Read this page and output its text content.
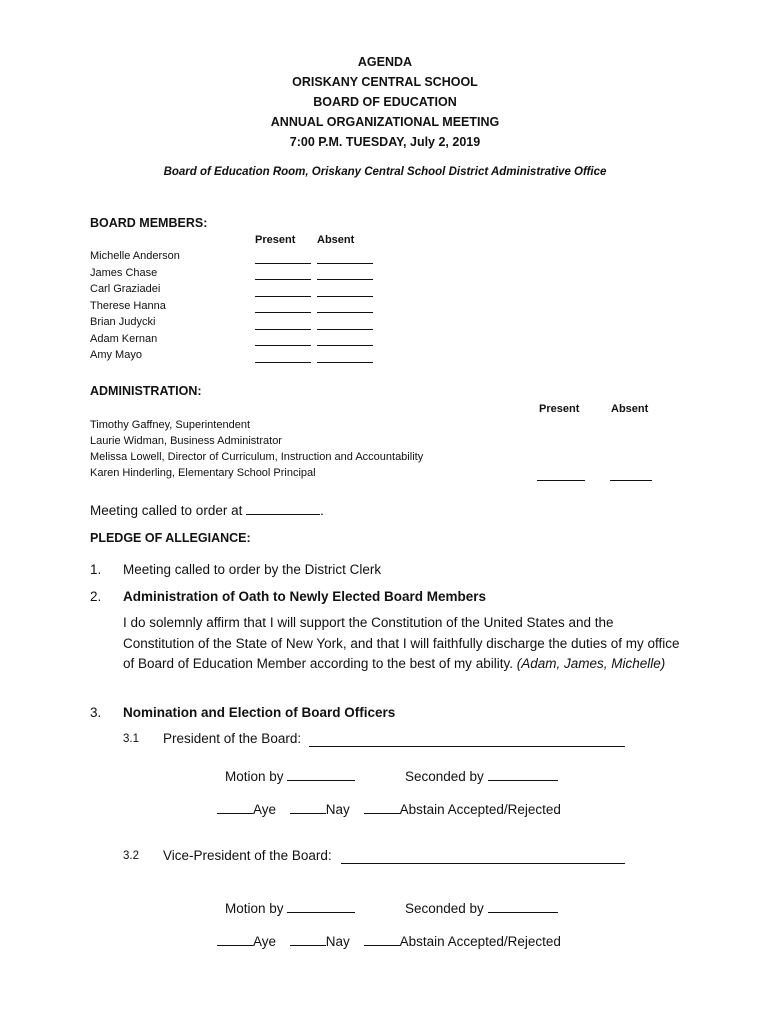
AGENDA
ORISKANY CENTRAL SCHOOL
BOARD OF EDUCATION
ANNUAL ORGANIZATIONAL MEETING
7:00 P.M. TUESDAY, July 2, 2019
Board of Education Room, Oriskany Central School District Administrative Office
BOARD MEMBERS:
Present Absent
Michelle Anderson
James Chase
Carl Graziadei
Therese Hanna
Brian Judycki
Adam Kernan
Amy Mayo
ADMINISTRATION:
Present	Absent
Timothy Gaffney, Superintendent
Laurie Widman, Business Administrator
Melissa Lowell, Director of Curriculum, Instruction and Accountability
Karen Hinderling, Elementary School Principal
Meeting called to order at	.
PLEDGE OF ALLEGIANCE:
1. Meeting called to order by the District Clerk
2. Administration of Oath to Newly Elected Board Members
I do solemnly affirm that I will support the Constitution of the United States and the Constitution of the State of New York, and that I will faithfully discharge the duties of my office of Board of Education Member according to the best of my ability. (Adam, James, Michelle)
3. Nomination and Election of Board Officers
3.1 President of the Board:
Motion by	Seconded by
Aye	Nay	Abstain Accepted/Rejected
3.2 Vice-President of the Board:
Motion by	Seconded by
Aye	Nay	Abstain Accepted/Rejected
